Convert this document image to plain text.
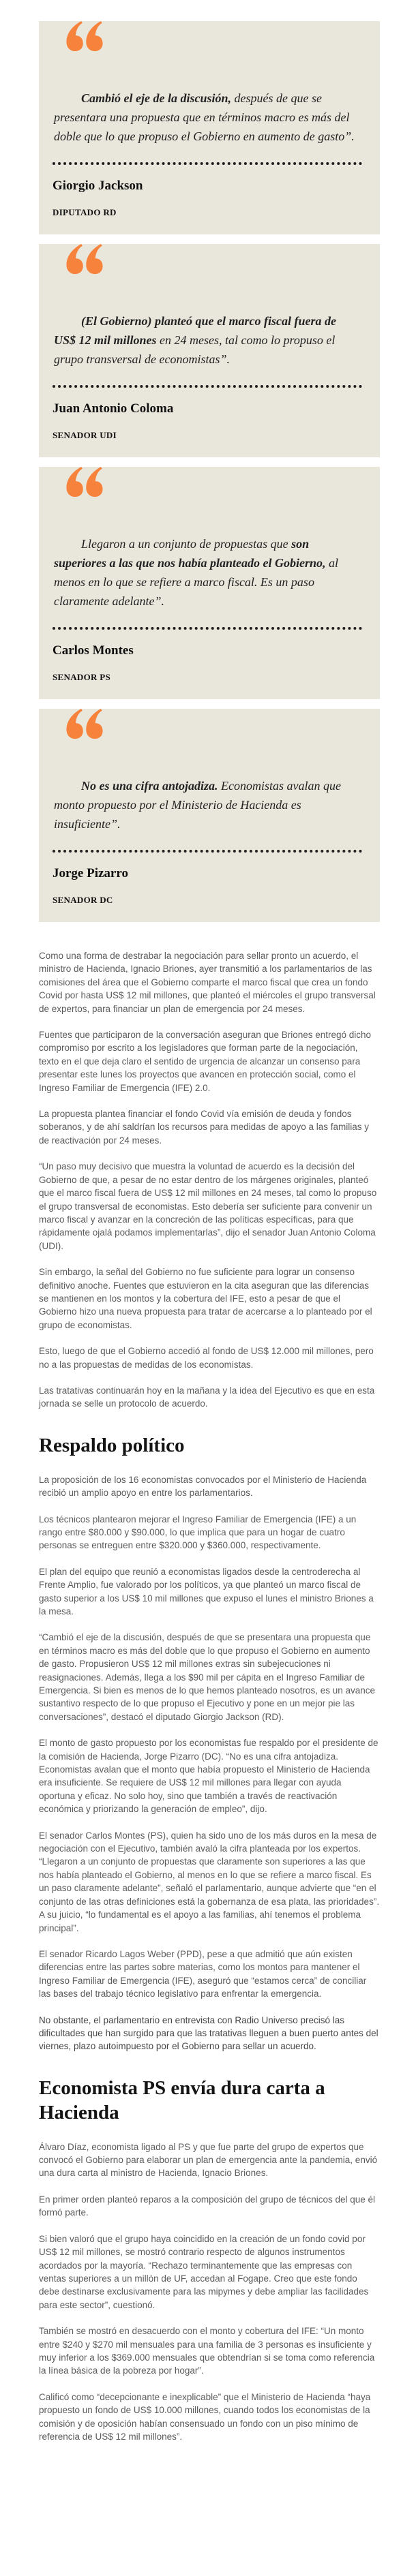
Cambió el eje de la discusión, después de que se presentara una propuesta que en términos macro es más del doble que lo que propuso el Gobierno en aumento de gasto”.

Giorgio Jackson
DIPUTADO RD

(El Gobierno) planteó que el marco fiscal fuera de US$ 12 mil millones en 24 meses, tal como lo propuso el grupo transversal de economistas”.

Juan Antonio Coloma
SENADOR UDI

Llegaron a un conjunto de propuestas que son superiores a las que nos había planteado el Gobierno, al menos en lo que se refiere a marco fiscal. Es un paso claramente adelante”.

Carlos Montes
SENADOR PS

No es una cifra antojadiza. Economistas avalan que monto propuesto por el Ministerio de Hacienda es insuficiente”.

Jorge Pizarro
SENADOR DC

Como una forma de destrabar la negociación para sellar pronto un acuerdo, el ministro de Hacienda, Ignacio Briones, ayer transmitió a los parlamentarios de las comisiones del área que el Gobierno comparte el marco fiscal que crea un fondo Covid por hasta US$ 12 mil millones, que planteó el miércoles el grupo transversal de expertos, para financiar un plan de emergencia por 24 meses.

Fuentes que participaron de la conversación aseguran que Briones entregó dicho compromiso por escrito a los legisladores que forman parte de la negociación, texto en el que deja claro el sentido de urgencia de alcanzar un consenso para presentar este lunes los proyectos que avancen en protección social, como el Ingreso Familiar de Emergencia (IFE) 2.0.

La propuesta plantea financiar el fondo Covid vía emisión de deuda y fondos soberanos, y de ahí saldrían los recursos para medidas de apoyo a las familias y de reactivación por 24 meses.

“Un paso muy decisivo que muestra la voluntad de acuerdo es la decisión del Gobierno de que, a pesar de no estar dentro de los márgenes originales, planteó que el marco fiscal fuera de US$ 12 mil millones en 24 meses, tal como lo propuso el grupo transversal de economistas. Esto debería ser suficiente para convenir un marco fiscal y avanzar en la concreción de las políticas específicas, para que rápidamente ojalá podamos implementarlas”, dijo el senador Juan Antonio Coloma (UDI).

Sin embargo, la señal del Gobierno no fue suficiente para lograr un consenso definitivo anoche. Fuentes que estuvieron en la cita aseguran que las diferencias se mantienen en los montos y la cobertura del IFE, esto a pesar de que el Gobierno hizo una nueva propuesta para tratar de acercarse a lo planteado por el grupo de economistas.

Esto, luego de que el Gobierno accedió al fondo de US$ 12.000 mil millones, pero no a las propuestas de medidas de los economistas.

Las tratativas continuarán hoy en la mañana y la idea del Ejecutivo es que en esta jornada se selle un protocolo de acuerdo.

Respaldo político

La proposición de los 16 economistas convocados por el Ministerio de Hacienda recibió un amplio apoyo en entre los parlamentarios.

Los técnicos plantearon mejorar el Ingreso Familiar de Emergencia (IFE) a un rango entre $80.000 y $90.000, lo que implica que para un hogar de cuatro personas se entreguen entre $320.000 y $360.000, respectivamente.

El plan del equipo que reunió a economistas ligados desde la centroderecha al Frente Amplio, fue valorado por los políticos, ya que planteó un marco fiscal de gasto superior a los US$ 10 mil millones que expuso el lunes el ministro Briones a la mesa.

“Cambió el eje de la discusión, después de que se presentara una propuesta que en términos macro es más del doble que lo que propuso el Gobierno en aumento de gasto. Propusieron US$ 12 mil millones extras sin subejecuciones ni reasignaciones. Además, llega a los $90 mil per cápita en el Ingreso Familiar de Emergencia. Si bien es menos de lo que hemos planteado nosotros, es un avance sustantivo respecto de lo que propuso el Ejecutivo y pone en un mejor pie las conversaciones”, destacó el diputado Giorgio Jackson (RD).

El monto de gasto propuesto por los economistas fue respaldo por el presidente de la comisión de Hacienda, Jorge Pizarro (DC). “No es una cifra antojadiza. Economistas avalan que el monto que había propuesto el Ministerio de Hacienda era insuficiente. Se requiere de US$ 12 mil millones para llegar con ayuda oportuna y eficaz. No solo hoy, sino que también a través de reactivación económica y priorizando la generación de empleo”, dijo.

El senador Carlos Montes (PS), quien ha sido uno de los más duros en la mesa de negociación con el Ejecutivo, también avaló la cifra planteada por los expertos. “Llegaron a un conjunto de propuestas que claramente son superiores a las que nos había planteado el Gobierno, al menos en lo que se refiere a marco fiscal. Es un paso claramente adelante”, señaló el parlamentario, aunque advierte que “en el conjunto de las otras definiciones está la gobernanza de esa plata, las prioridades”. A su juicio, “lo fundamental es el apoyo a las familias, ahí tenemos el problema principal”.

El senador Ricardo Lagos Weber (PPD), pese a que admitió que aún existen diferencias entre las partes sobre materias, como los montos para mantener el Ingreso Familiar de Emergencia (IFE), aseguró que “estamos cerca” de conciliar las bases del trabajo técnico legislativo para enfrentar la emergencia.

No obstante, el parlamentario en entrevista con Radio Universo precisó las dificultades que han surgido para que las tratativas lleguen a buen puerto antes del viernes, plazo autoimpuesto por el Gobierno para sellar un acuerdo.

Economista PS envía dura carta a Hacienda

Álvaro Díaz, economista ligado al PS y que fue parte del grupo de expertos que convocó el Gobierno para elaborar un plan de emergencia ante la pandemia, envió una dura carta al ministro de Hacienda, Ignacio Briones.

En primer orden planteó reparos a la composición del grupo de técnicos del que él formó parte.

Si bien valoró que el grupo haya coincidido en la creación de un fondo covid por US$ 12 mil millones, se mostró contrario respecto de algunos instrumentos acordados por la mayoría. “Rechazo terminantemente que las empresas con ventas superiores a un millón de UF, accedan al Fogape. Creo que este fondo debe destinarse exclusivamente para las mipymes y debe ampliar las facilidades para este sector”, cuestionó.

También se mostró en desacuerdo con el monto y cobertura del IFE: “Un monto entre $240 y $270 mil mensuales para una familia de 3 personas es insuficiente y muy inferior a los $369.000 mensuales que obtendrían si se toma como referencia la línea básica de la pobreza por hogar”.

Calificó como “decepcionante e inexplicable” que el Ministerio de Hacienda “haya propuesto un fondo de US$ 10.000 millones, cuando todos los economistas de la comisión y de oposición habían consensuado un fondo con un piso mínimo de referencia de US$ 12 mil millones”.
